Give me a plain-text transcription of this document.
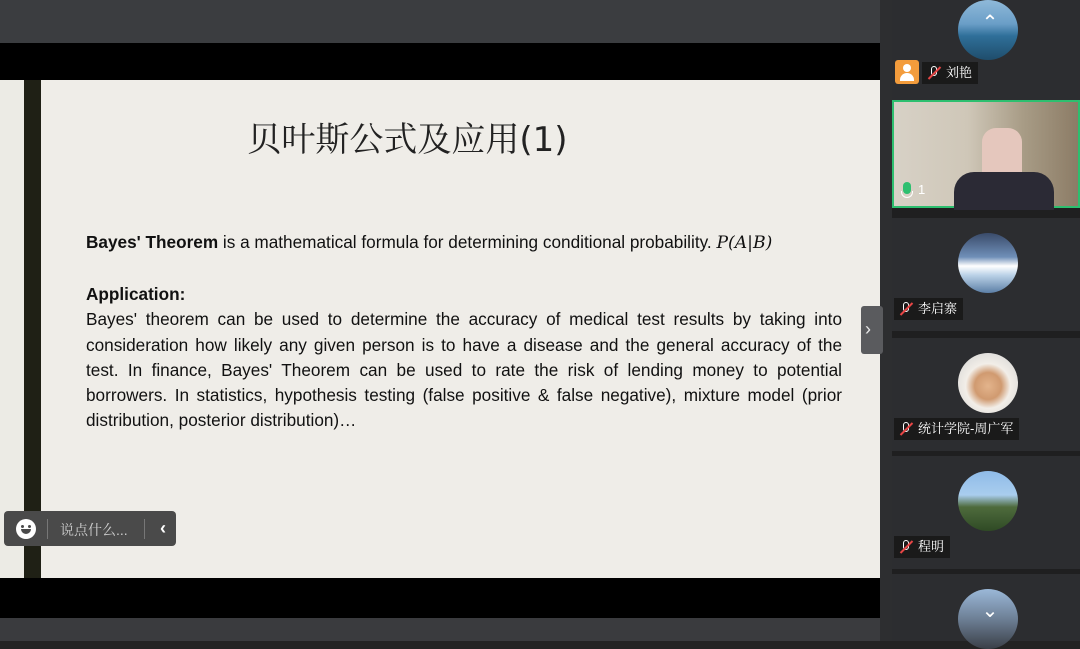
贝叶斯公式及应用(1)
Bayes' Theorem is a mathematical formula for determining conditional probability. P(A|B)
Application:
Bayes' theorem can be used to determine the accuracy of medical test results by taking into consideration how likely any given person is to have a disease and the general accuracy of the test. In finance, Bayes' Theorem can be used to rate the risk of lending money to potential borrowers. In statistics, hypothesis testing (false positive & false negative), mixture model (prior distribution, posterior distribution)…
说点什么...	‹
›
刘艳
⌃
1
李启寨
统计学院-周广军
程明
⌄
